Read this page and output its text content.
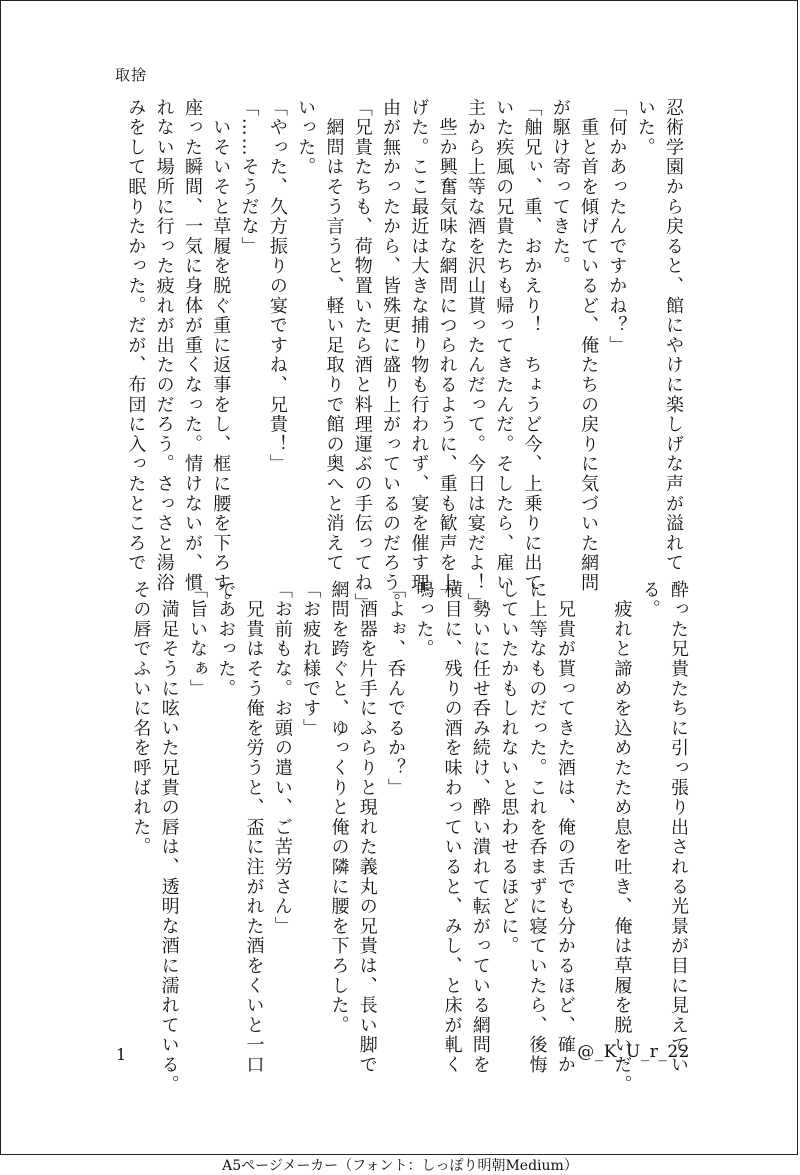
取捨
忍術学園から戻ると、館にやけに楽しげな声が溢れて
いた。
「何かあったんですかね？」
　重と首を傾げているど、俺たちの戻りに気づいた網問
が駆け寄ってきた。
「舳兄ぃ、重、おかえり！　ちょうど今、上乗りに出て
いた疾風の兄貴たちも帰ってきたんだ。そしたら、雇い
主から上等な酒を沢山貰ったんだって。今日は宴だよ！」
　些か興奮気味な網問につられるように、重も歓声を上
げた。ここ最近は大きな捕り物も行われず、宴を催す理
由が無かったから、皆殊更に盛り上がっているのだろう。
「兄貴たちも、荷物置いたら酒と料理運ぶの手伝ってね」
　網問はそう言うと、軽い足取りで館の奥へと消えて
いった。
「やった、久方振りの宴ですね、兄貴！」
「……そうだな」
　いそいそと草履を脱ぐ重に返事をし、框に腰を下ろす。
座った瞬間、一気に身体が重くなった。情けないが、慣
れない場所に行った疲れが出たのだろう。さっさと湯浴
みをして眠りたかった。だが、布団に入ったところで
酔った兄貴たちに引っ張り出される光景が目に見えてい
る。
　疲れと諦めを込めたため息を吐き、俺は草履を脱いだ。

　兄貴が貰ってきた酒は、俺の舌でも分かるほど、確か
に上等なものだった。これを呑まずに寝ていたら、後悔
していたかもしれないと思わせるほどに。
　勢いに任せ呑み続け、酔い潰れて転がっている網問を
横目に、残りの酒を味わっていると、みし、と床が軋く
鳴った。
「よぉ、呑んでるか？」
　酒器を片手にふらりと現れた義丸の兄貴は、長い脚で
網問を跨ぐと、ゆっくりと俺の隣に腰を下ろした。
「お疲れ様です」
「お前もな。お頭の遣い、ご苦労さん」
　兄貴はそう俺を労うと、盃に注がれた酒をくいと一口
であおった。
「旨いなぁ」
　満足そうに呟いた兄貴の唇は、透明な酒に濡れている。
その唇でふいに名を呼ばれた。
1	@_K_U_r_22
A5ページメーカー（フォント：しっぽり明朝Medium）
